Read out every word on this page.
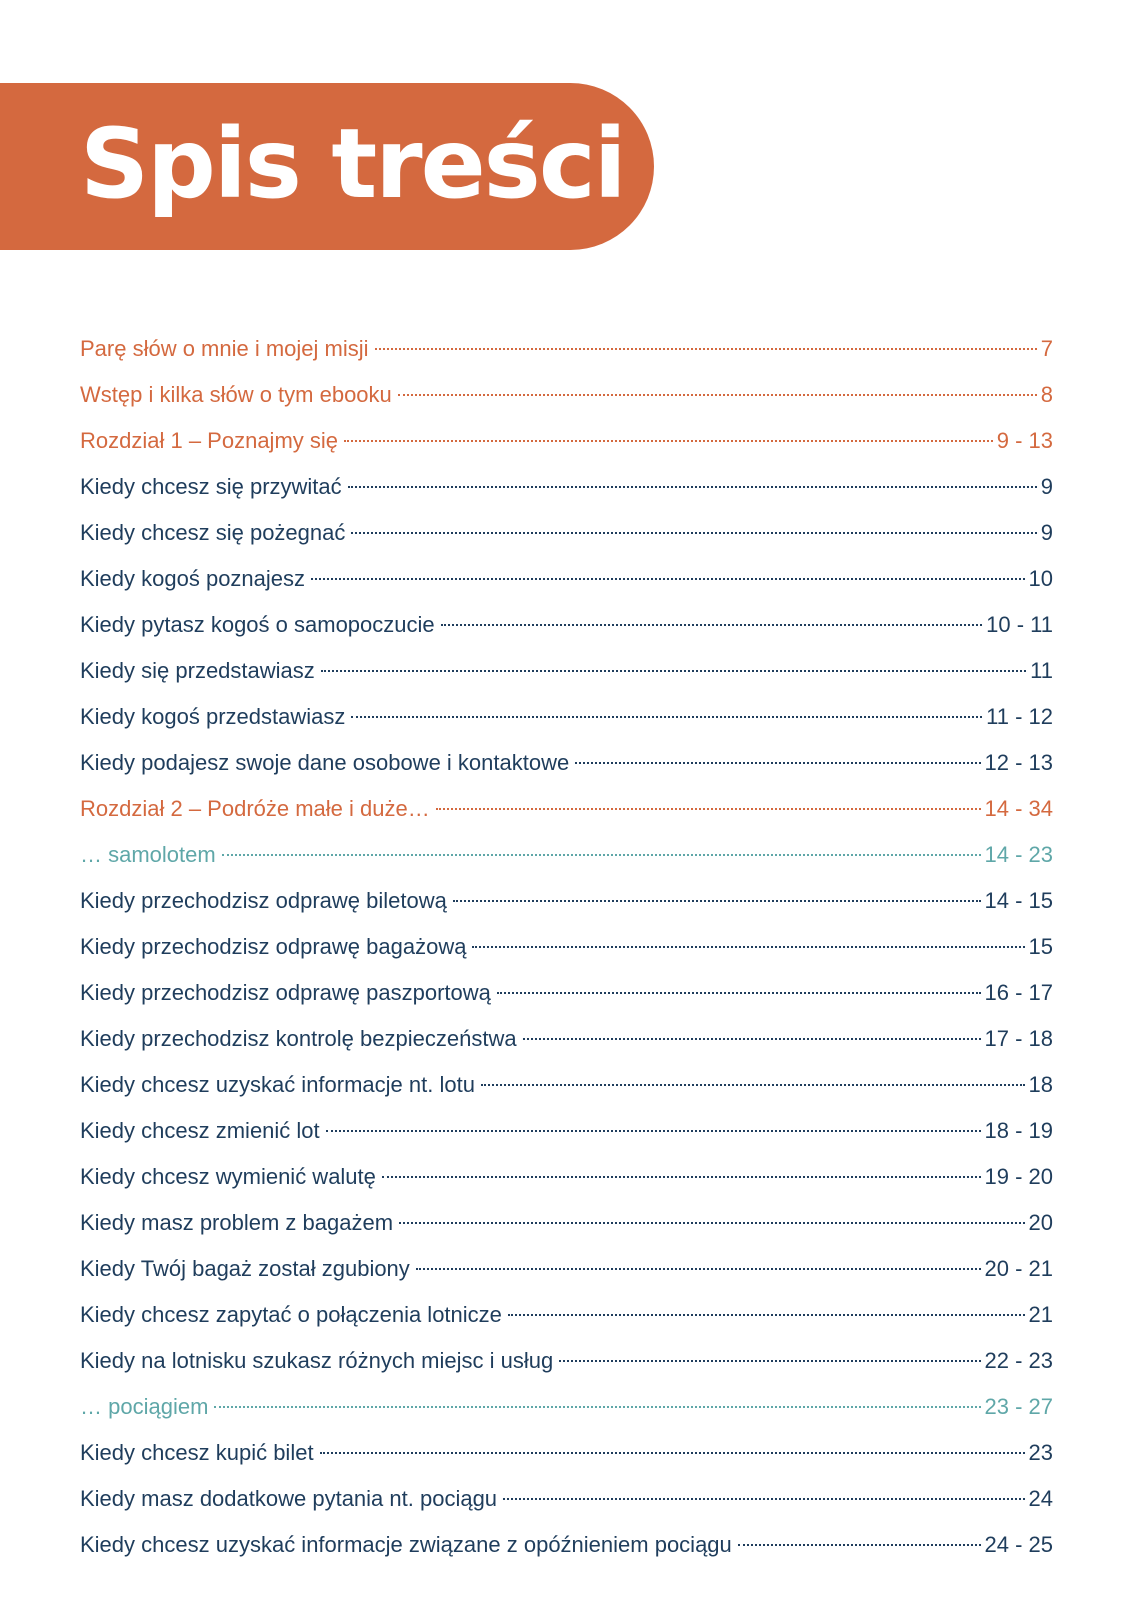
Spis treści
Parę słów o mnie i mojej misji	7
Wstęp i kilka słów o tym ebooku	8
Rozdział 1 – Poznajmy się	9 - 13
Kiedy chcesz się przywitać	9
Kiedy chcesz się pożegnać	9
Kiedy kogoś poznajesz	10
Kiedy pytasz kogoś o samopoczucie	10 - 11
Kiedy się przedstawiasz	11
Kiedy kogoś przedstawiasz	11 - 12
Kiedy podajesz swoje dane osobowe i kontaktowe	12 - 13
Rozdział 2 – Podróże małe i duże…	14 - 34
… samolotem	14 - 23
Kiedy przechodzisz odprawę biletową	14 - 15
Kiedy przechodzisz odprawę bagażową	15
Kiedy przechodzisz odprawę paszportową	16 - 17
Kiedy przechodzisz kontrolę bezpieczeństwa	17 - 18
Kiedy chcesz uzyskać informacje nt. lotu	18
Kiedy chcesz zmienić lot	18 - 19
Kiedy chcesz wymienić walutę	19 - 20
Kiedy masz problem z bagażem	20
Kiedy Twój bagaż został zgubiony	20 - 21
Kiedy chcesz zapytać o połączenia lotnicze	21
Kiedy na lotnisku szukasz różnych miejsc i usług	22 - 23
… pociągiem	23 - 27
Kiedy chcesz kupić bilet	23
Kiedy masz dodatkowe pytania nt. pociągu	24
Kiedy chcesz uzyskać informacje związane z opóźnieniem pociągu	24 - 25
